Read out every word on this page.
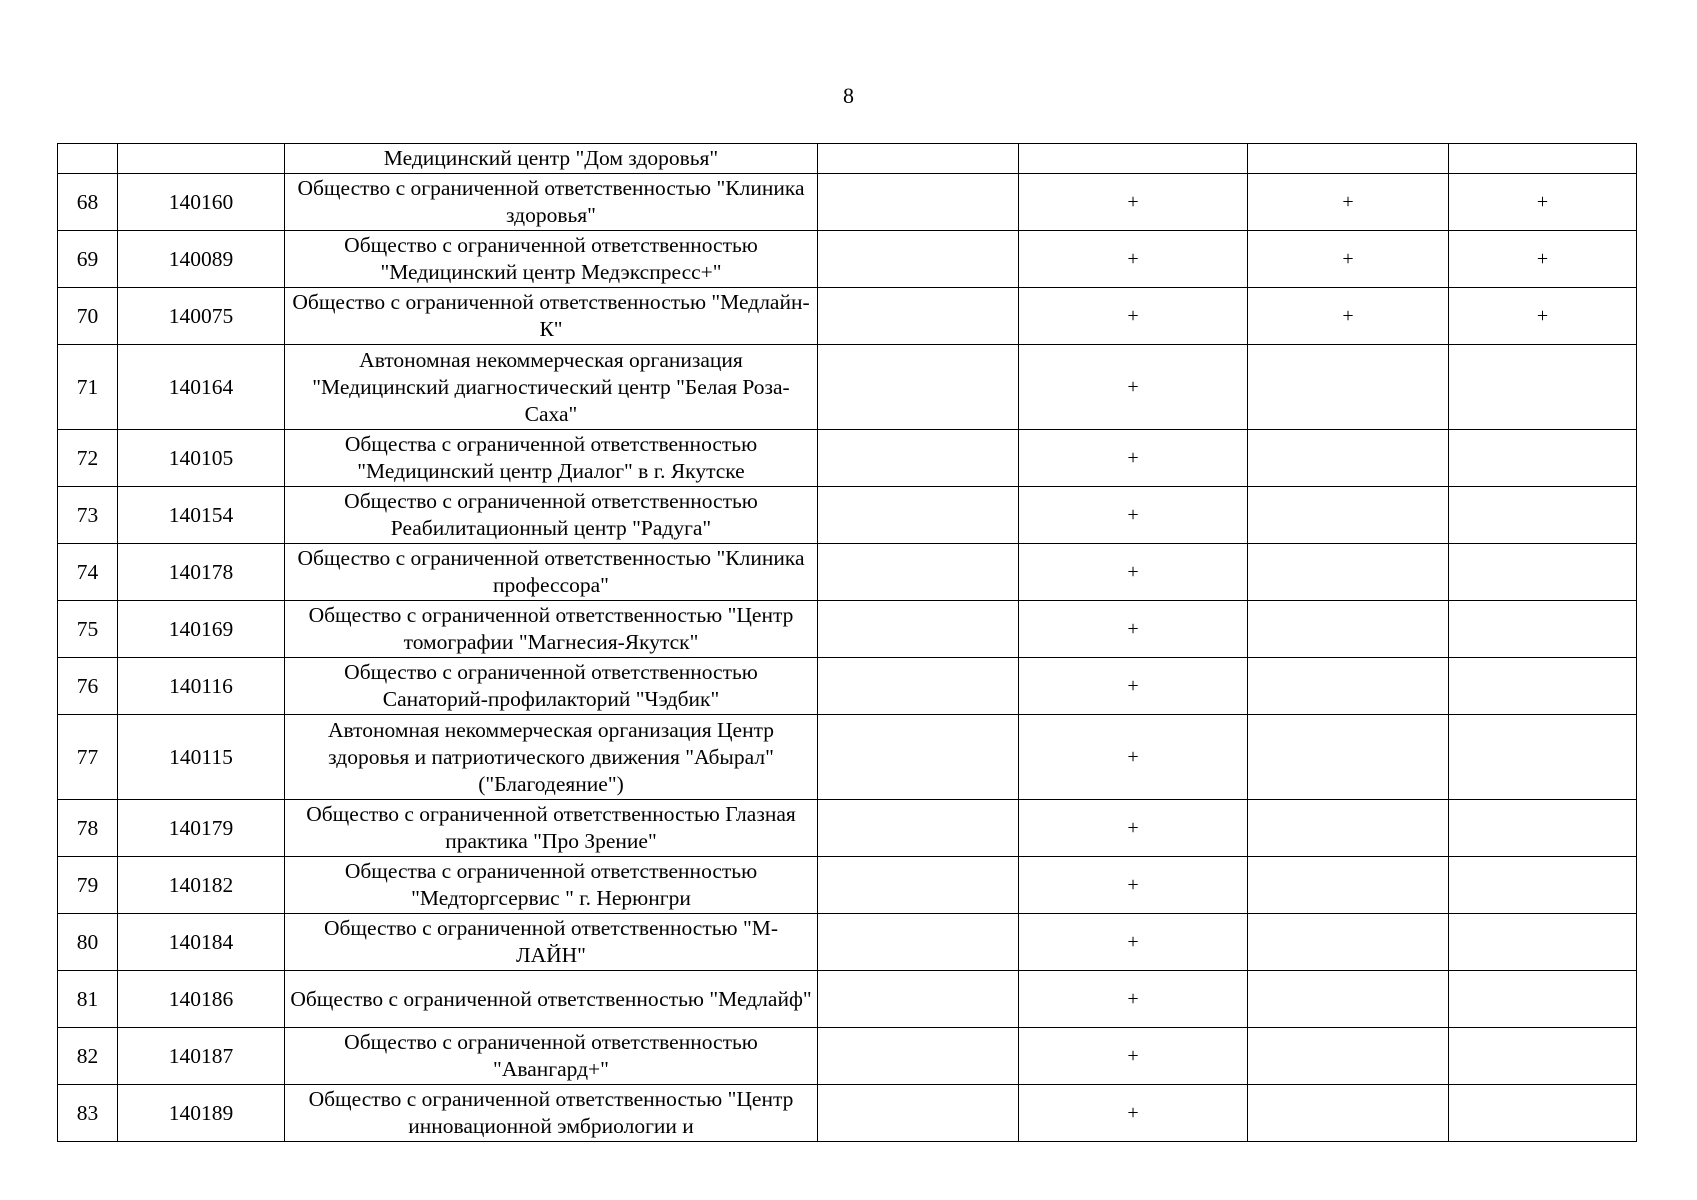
8
		Медицинский центр "Дом здоровья"				
68	140160	Общество с ограниченной ответственностью "Клиника здоровья"		+	+	+
69	140089	Общество с ограниченной ответственностью "Медицинский центр Медэкспресс+"		+	+	+
70	140075	Общество с ограниченной ответственностью "Медлайн-К"		+	+	+
71	140164	Автономная некоммерческая организация "Медицинский диагностический центр "Белая Роза-Саха"		+		
72	140105	Общества с ограниченной ответственностью "Медицинский центр Диалог" в г. Якутске		+		
73	140154	Общество с ограниченной ответственностью Реабилитационный центр "Радуга"		+		
74	140178	Общество с ограниченной ответственностью "Клиника профессора"		+		
75	140169	Общество с ограниченной ответственностью "Центр томографии "Магнесия-Якутск"		+		
76	140116	Общество с ограниченной ответственностью Санаторий-профилакторий "Чэдбик"		+		
77	140115	Автономная некоммерческая организация Центр здоровья и патриотического движения "Абырал" ("Благодеяние")		+		
78	140179	Общество с ограниченной ответственностью Глазная практика "Про Зрение"		+		
79	140182	Общества с ограниченной ответственностью "Медторгсервис " г. Нерюнгри		+		
80	140184	Общество с ограниченной ответственностью "М-ЛАЙН"		+		
81	140186	Общество с ограниченной ответственностью "Медлайф"		+		
82	140187	Общество с ограниченной ответственностью "Авангард+"		+		
83	140189	Общество с ограниченной ответственностью "Центр инновационной эмбриологии и		+		
